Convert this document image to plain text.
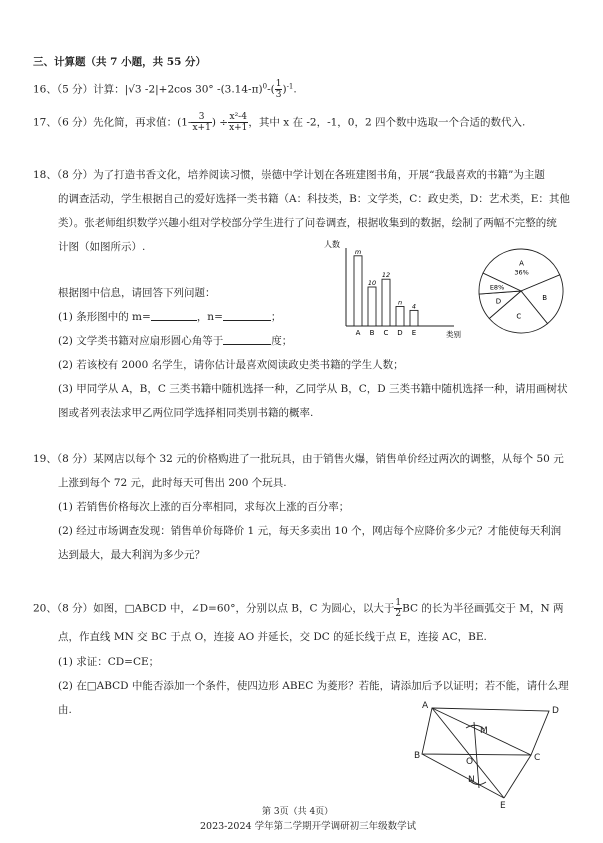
三、计算题（共 7 小题，共 55 分）
16、（5 分）计算：|√3 -2|+2cos 30° $-(3.14-\pi)^0-( \frac{1}{3} )^{-1}$.
17、（6 分）先化简，再求值：($1- \frac{3}{x+1}$ ) ÷ $\frac{\text{x²-4}}{x+1}$ ，其中 x 在 -2，-1，0，2 四个数中选取一个合适的数代入.
18、（8 分）为了打造书香文化，培养阅读习惯，崇德中学计划在各班建图书角，开展“我最喜欢的书籍”为主题
的调查活动，学生根据自己的爱好选择一类书籍（A：科技类，B：文学类，C：政史类，D：艺术类，E：其他
类）。张老师组织数学兴趣小组对学校部分学生进行了问卷调查，根据收集到的数据，绘制了两幅不完整的统
计图（如图所示）.
根据图中信息，请回答下列问题：
(1) 条形图中的 m=	，n=	；
(2) 文学类书籍对应扇形圆心角等于	度；
(2) 若该校有 2000 名学生，请你估计最喜欢阅读政史类书籍的学生人数；
(3) 甲同学从 A，B，C 三类书籍中随机选择一种，乙同学从 B，C，D 三类书籍中随机选择一种，请用画树状
图或者列表法求甲乙两位同学选择相同类别书籍的概率.
人数
m
A
10
B
12
C
n
D
4
E	类别
A
36%
B
C
D
E8%
19、（8 分）某网店以每个 32 元的价格购进了一批玩具，由于销售火爆，销售单价经过两次的调整，从每个 50 元
上涨到每个 72 元，此时每天可售出 200 个玩具.
(1) 若销售价格每次上涨的百分率相同，求每次上涨的百分率；
(2) 经过市场调查发现：销售单价每降价 1 元，每天多卖出 10 个，网店每个应降价多少元？才能使每天利润
达到最大，最大利润为多少元？
20、（8 分）如图，□ABCD 中，∠D=60°，分别以点 B，C 为圆心，以大于 $\frac{1}{2}$ BC 的长为半径画弧交于 M，N 两
点，作直线 MN 交 BC 于点 O，连接 AO 并延长，交 DC 的延长线于点 E，连接 AC，BE.
(1) 求证：CD=CE；
(2) 在□ABCD 中能否添加一个条件，使四边形 ABEC 为菱形？若能，请添加后予以证明；若不能，请什么理
由.	A	D
M
B	C
O
N
E
第 3页（共 4页）
2023-2024 学年第二学期开学调研初三年级数学试
